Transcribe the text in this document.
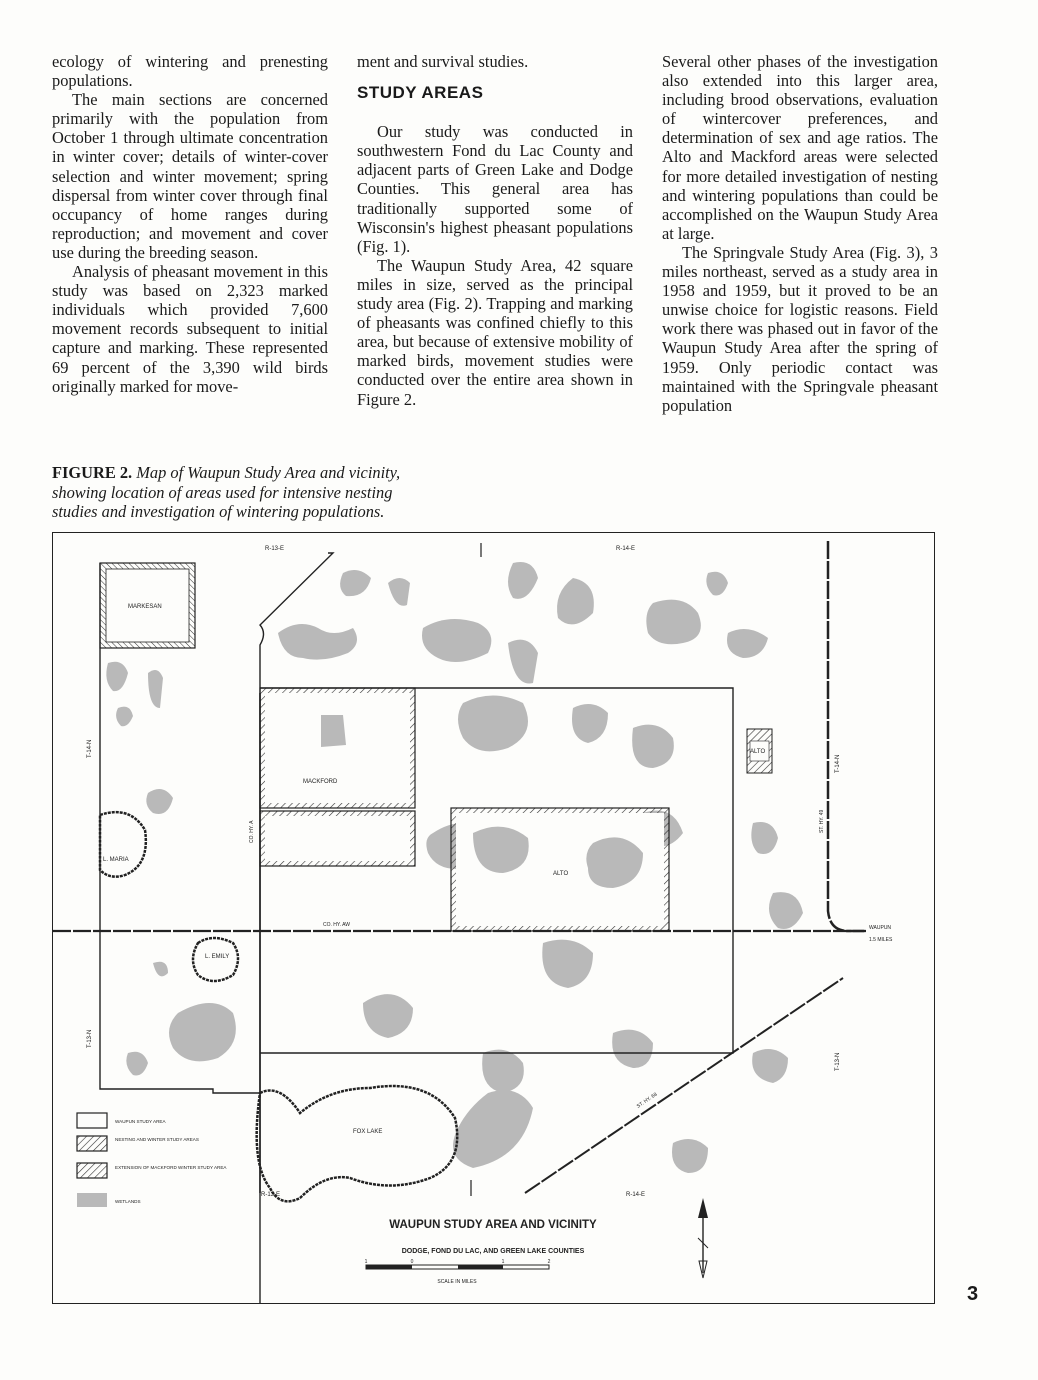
ecology of wintering and prenesting populations.

The main sections are concerned primarily with the population from October 1 through ultimate concentration in winter cover; details of winter-cover selection and winter movement; spring dispersal from winter cover through final occupancy of home ranges during reproduction; and movement and cover use during the breeding season.

Analysis of pheasant movement in this study was based on 2,323 marked individuals which provided 7,600 movement records subsequent to initial capture and marking. These represented 69 percent of the 3,390 wild birds originally marked for move-

ment and survival studies.

STUDY AREAS

Our study was conducted in southwestern Fond du Lac County and adjacent parts of Green Lake and Dodge Counties. This general area has traditionally supported some of Wisconsin's highest pheasant populations (Fig. 1).

The Waupun Study Area, 42 square miles in size, served as the principal study area (Fig. 2). Trapping and marking of pheasants was confined chiefly to this area, but because of extensive mobility of marked birds, movement studies were conducted over the entire area shown in Figure 2.

Several other phases of the investigation also extended into this larger area, including brood observations, evaluation of wintercover preferences, and determination of sex and age ratios. The Alto and Mackford areas were selected for more detailed investigation of nesting and wintering populations than could be accomplished on the Waupun Study Area at large.

The Springvale Study Area (Fig. 3), 3 miles northeast, served as a study area in 1958 and 1959, but it proved to be an unwise choice for logistic reasons. Field work there was phased out in favor of the Waupun Study Area after the spring of 1959. Only periodic contact was maintained with the Springvale pheasant population

FIGURE 2. Map of Waupun Study Area and vicinity, showing location of areas used for intensive nesting studies and investigation of wintering populations.
MARKESAN
MACKFORD
ALTO
ALTO
L. MARIA
L. EMILY
FOX LAKE
CO. HY. AW
CO. HY. A	ST. HY. 49
ST. HY. 68
WAUPUN
1.5 MILES
R-13-E	R-14-E
R-13-E	R-14-E
T-14-N
T-13-N
T-14-N
T-13-N
WAUPUN STUDY AREA
NESTING AND WINTER STUDY AREAS
EXTENSION OF MACKFORD WINTER STUDY AREA
WETLANDS
WAUPUN STUDY AREA AND VICINITY
DODGE, FOND DU LAC, AND GREEN LAKE COUNTIES
1	0	1	2
SCALE IN MILES
3
